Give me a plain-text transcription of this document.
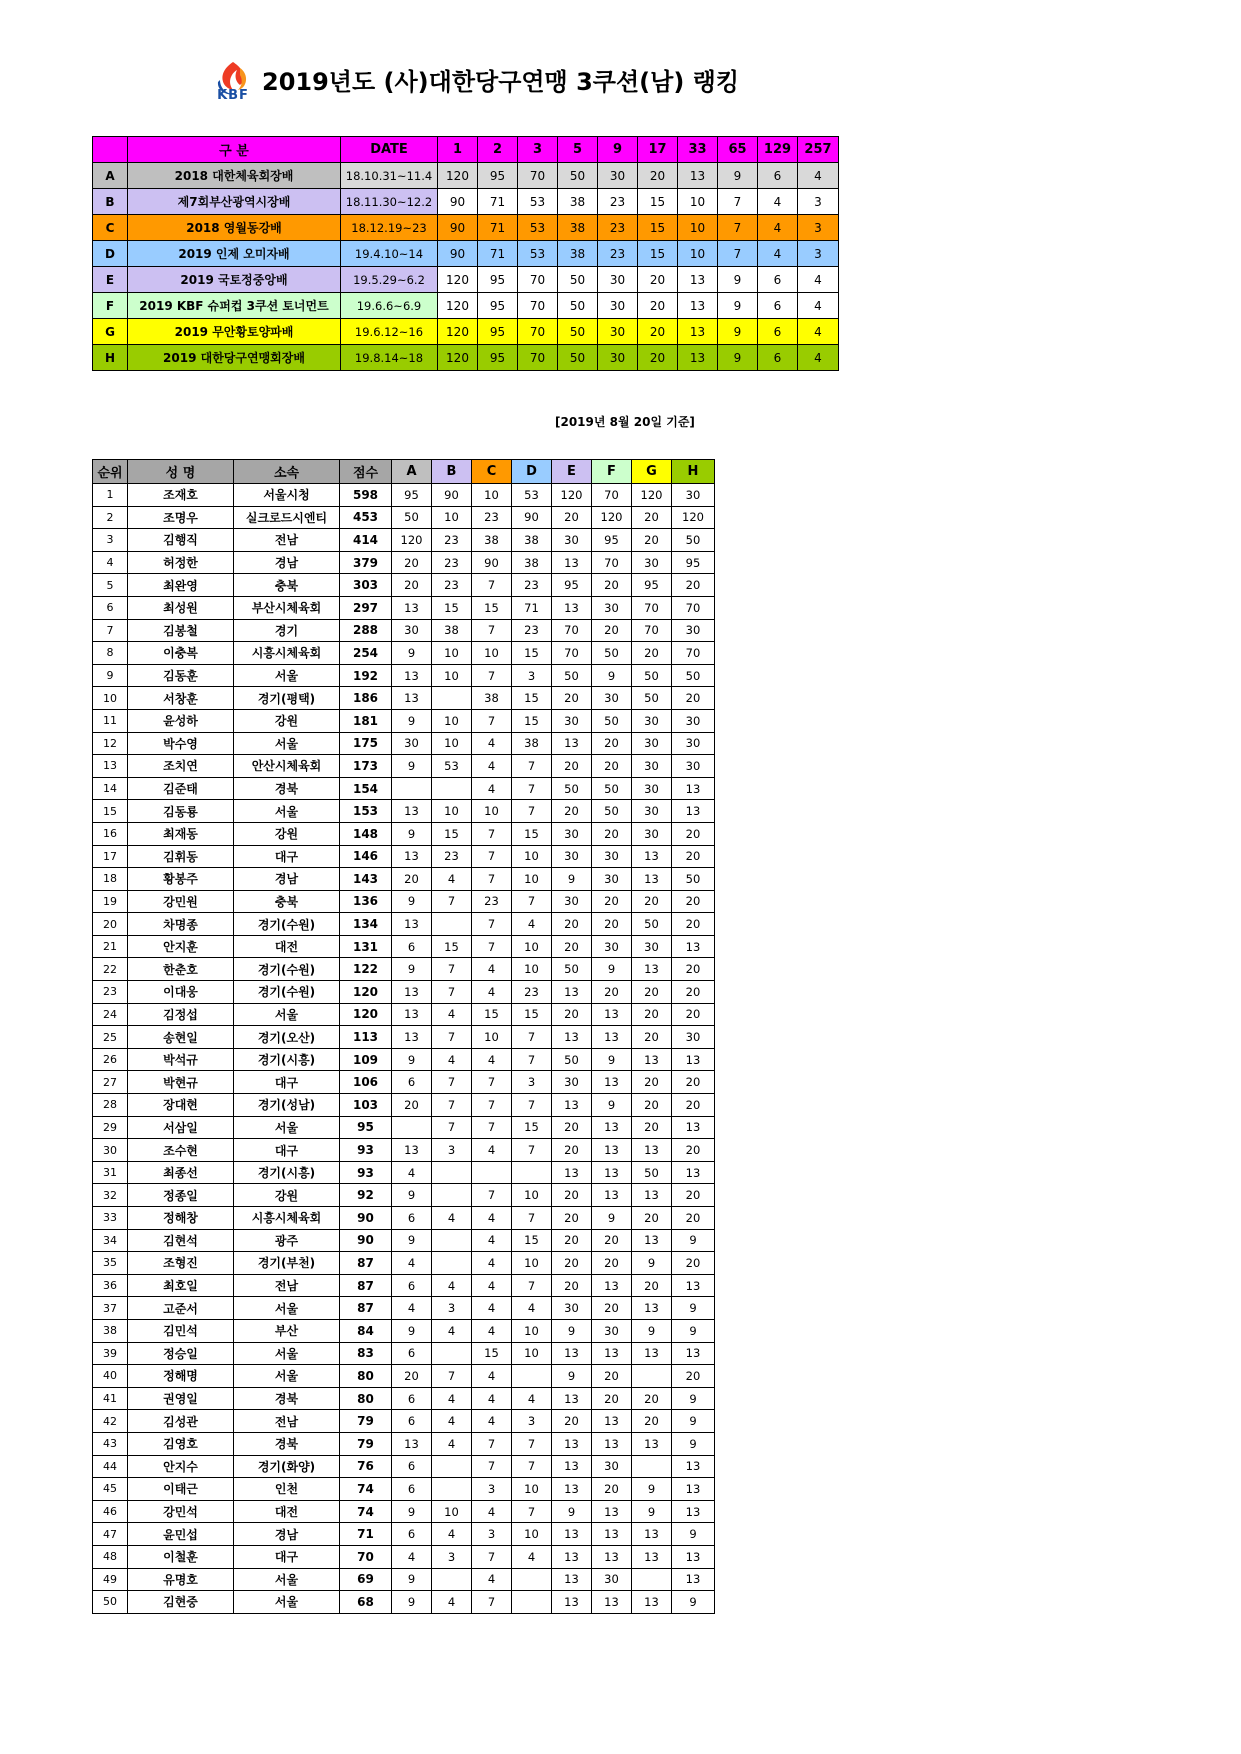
KBF 2019년도 (사)대한당구연맹 3쿠션(남) 랭킹
	구 분	DATE	1	2	3	5	9	17	33	65	129	257
A	2018 대한체육회장배	18.10.31~11.4	120	95	70	50	30	20	13	9	6	4
B	제7회부산광역시장배	18.11.30~12.2	90	71	53	38	23	15	10	7	4	3
C	2018 영월동강배	18.12.19~23	90	71	53	38	23	15	10	7	4	3
D	2019 인제 오미자배	19.4.10~14	90	71	53	38	23	15	10	7	4	3
E	2019 국토정중앙배	19.5.29~6.2	120	95	70	50	30	20	13	9	6	4
F	2019 KBF 슈퍼컵 3쿠션 토너먼트	19.6.6~6.9	120	95	70	50	30	20	13	9	6	4
G	2019 무안황토양파배	19.6.12~16	120	95	70	50	30	20	13	9	6	4
H	2019 대한당구연맹회장배	19.8.14~18	120	95	70	50	30	20	13	9	6	4
[2019년 8월 20일 기준]
순위	성 명	소속	점수	A	B	C	D	E	F	G	H
1	조재호	서울시청	598	95	90	10	53	120	70	120	30
2	조명우	실크로드시엔티	453	50	10	23	90	20	120	20	120
3	김행직	전남	414	120	23	38	38	30	95	20	50
4	허정한	경남	379	20	23	90	38	13	70	30	95
5	최완영	충북	303	20	23	7	23	95	20	95	20
6	최성원	부산시체육회	297	13	15	15	71	13	30	70	70
7	김봉철	경기	288	30	38	7	23	70	20	70	30
8	이충복	시흥시체육회	254	9	10	10	15	70	50	20	70
9	김동훈	서울	192	13	10	7	3	50	9	50	50
10	서창훈	경기(평택)	186	13		38	15	20	30	50	20
11	윤성하	강원	181	9	10	7	15	30	50	30	30
12	박수영	서울	175	30	10	4	38	13	20	30	30
13	조치연	안산시체육회	173	9	53	4	7	20	20	30	30
14	김준태	경북	154			4	7	50	50	30	13
15	김동룡	서울	153	13	10	10	7	20	50	30	13
16	최재동	강원	148	9	15	7	15	30	20	30	20
17	김휘동	대구	146	13	23	7	10	30	30	13	20
18	황봉주	경남	143	20	4	7	10	9	30	13	50
19	강민원	충북	136	9	7	23	7	30	20	20	20
20	차명종	경기(수원)	134	13		7	4	20	20	50	20
21	안지훈	대전	131	6	15	7	10	20	30	30	13
22	한춘호	경기(수원)	122	9	7	4	10	50	9	13	20
23	이대웅	경기(수원)	120	13	7	4	23	13	20	20	20
24	김정섭	서울	120	13	4	15	15	20	13	20	20
25	송현일	경기(오산)	113	13	7	10	7	13	13	20	30
26	박석규	경기(시흥)	109	9	4	4	7	50	9	13	13
27	박현규	대구	106	6	7	7	3	30	13	20	20
28	장대현	경기(성남)	103	20	7	7	7	13	9	20	20
29	서삼일	서울	95		7	7	15	20	13	20	13
30	조수현	대구	93	13	3	4	7	20	13	13	20
31	최종선	경기(시흥)	93	4				13	13	50	13
32	정종일	강원	92	9		7	10	20	13	13	20
33	정해창	시흥시체육회	90	6	4	4	7	20	9	20	20
34	김현석	광주	90	9		4	15	20	20	13	9
35	조형진	경기(부천)	87	4		4	10	20	20	9	20
36	최호일	전남	87	6	4	4	7	20	13	20	13
37	고준서	서울	87	4	3	4	4	30	20	13	9
38	김민석	부산	84	9	4	4	10	9	30	9	9
39	정승일	서울	83	6		15	10	13	13	13	13
40	정해명	서울	80	20	7	4		9	20		20
41	권영일	경북	80	6	4	4	4	13	20	20	9
42	김성관	전남	79	6	4	4	3	20	13	20	9
43	김영호	경북	79	13	4	7	7	13	13	13	9
44	안지수	경기(화양)	76	6		7	7	13	30		13
45	이태근	인천	74	6		3	10	13	20	9	13
46	강민석	대전	74	9	10	4	7	9	13	9	13
47	윤민섭	경남	71	6	4	3	10	13	13	13	9
48	이철훈	대구	70	4	3	7	4	13	13	13	13
49	유명호	서울	69	9		4		13	30		13
50	김현중	서울	68	9	4	7		13	13	13	9
